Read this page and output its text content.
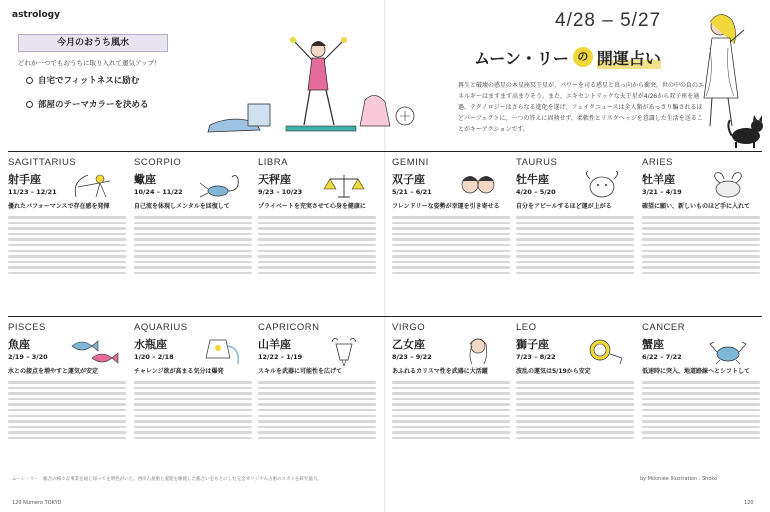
astrology	4/28 – 5/27
今月のおうち風水
どれか一つでもおうちに取り入れて運気アップ！
自宅でフィットネスに励む
部屋のテーマカラーを決める
ムーン・リー の 開運占い
再生と破壊の惑星の木星座冥王星が、パワーを司る惑星と真っ向から衝突。世の中の負のエネルギーはますます高まりそう。また、エキセントリックな天王星が4/26から双子座を通過。テクノロジーはさらなる進化を遂げ、フェイクニュースは全人類があっさり騙されるほどパーフェクトに。一つの答えに固執せず、柔軟性とリスクヘッジを意識した生活を送ることがキーアクションです。
SAGITTARIUS
射手座
11/23 – 12/21
優れたバフォーマンスで存在感を発揮
SCORPIO
蠍座
10/24 – 11/22
自己流を体現しメンタルを回復して
LIBRA
天秤座
9/23 – 10/23
プライベートを充実させて心身を健康に
GEMINI
双子座
5/21 – 6/21
フレンドリーな姿勢が幸運を引き寄せる
TAURUS
牡牛座
4/20 – 5/20
自分をアピールするほど運が上がる
ARIES
牡羊座
3/21 – 4/19
確望に願い、新しいものほど手に入れて
PISCES
魚座
2/19 – 3/20
水との接点を増やすと運気が安定
AQUARIUS
水瓶座
1/20 – 2/18
チャレンジ欲が高まる気分は爆発
CAPRICORN
山羊座
12/22 – 1/19
スキルを武器に可能性を広げて
VIRGO
乙女座
8/23 – 9/22
あふれるカリスマ性を武器に大活躍
LEO
獅子座
7/23 – 8/22
波乱の運気は5/19から安定
CANCER
蟹座
6/22 – 7/22
低速時に突入、地道路線へとシフトして
ムーン・リー　総合の様々な事業を通じ知ってを明色がいた、西洋占星術と霊能を駆使した総合いをもとにした完全オリジナル占術のスカイを研究協力。	by Moonlee Illustration : Shoko
120 Numéro TOKYO	120
